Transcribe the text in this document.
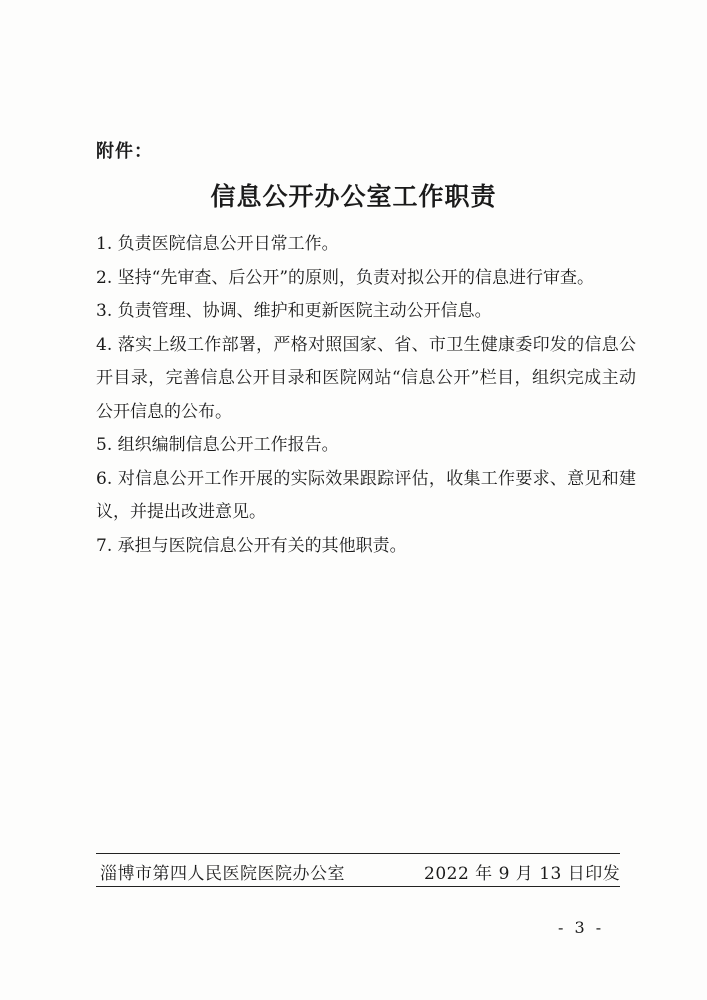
附件：
信息公开办公室工作职责
1. 负责医院信息公开日常工作。
2. 坚持“先审查、后公开”的原则，负责对拟公开的信息进行审查。
3. 负责管理、协调、维护和更新医院主动公开信息。
4. 落实上级工作部署，严格对照国家、省、市卫生健康委印发的信息公开目录，完善信息公开目录和医院网站“信息公开”栏目，组织完成主动公开信息的公布。
5. 组织编制信息公开工作报告。
6. 对信息公开工作开展的实际效果跟踪评估，收集工作要求、意见和建议，并提出改进意见。
7. 承担与医院信息公开有关的其他职责。
淄博市第四人民医院医院办公室	2022 年 9 月 13 日印发
- 3 -
